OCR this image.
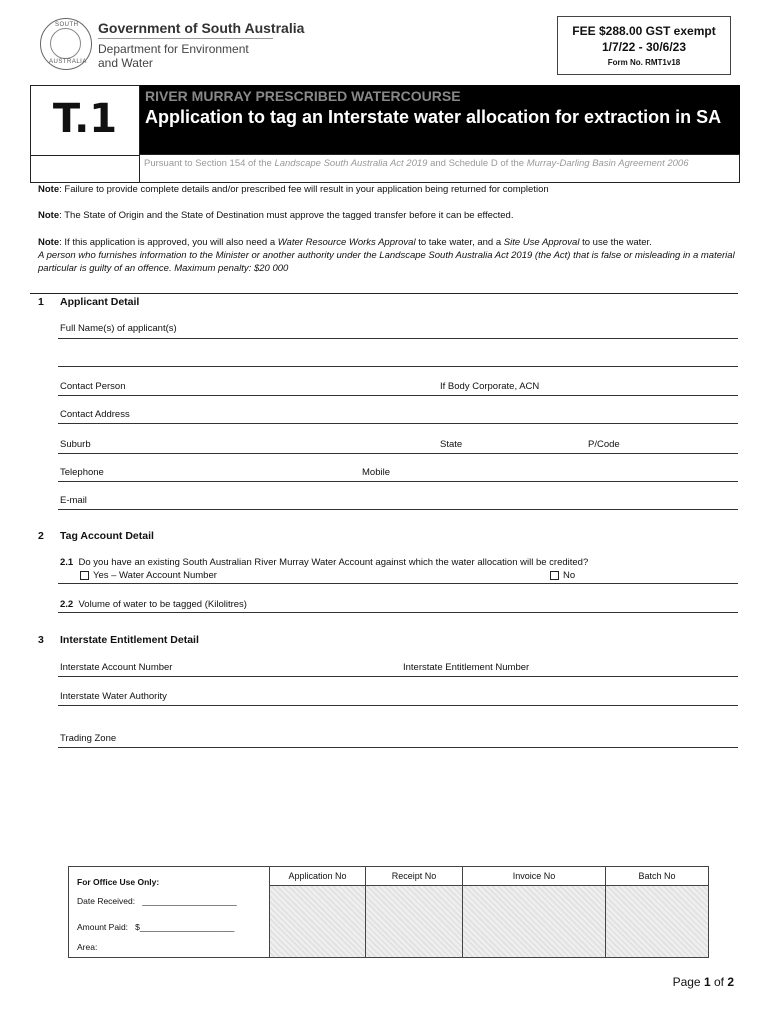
SOUTH
AUSTRALIA
Government of South Australia
Department for Environment
and Water
FEE $288.00 GST exempt
1/7/22 - 30/6/23
Form No. RMT1v18
T.1	RIVER MURRAY PRESCRIBED WATERCOURSE
Application to tag an Interstate water allocation for extraction in SA
Pursuant to Section 154 of the Landscape South Australia Act 2019 and Schedule D of the Murray-Darling Basin Agreement 2006
Note: Failure to provide complete details and/or prescribed fee will result in your application being returned for completion
Note: The State of Origin and the State of Destination must approve the tagged transfer before it can be effected.
Note: If this application is approved, you will also need a Water Resource Works Approval to take water, and a Site Use Approval to use the water.
A person who furnishes information to the Minister or another authority under the Landscape South Australia Act 2019 (the Act) that is false or misleading in a material particular is guilty of an offence. Maximum penalty: $20 000
1 Applicant Detail
Full Name(s) of applicant(s)
Contact Person	If Body Corporate, ACN
Contact Address
Suburb	State	P/Code
Telephone	Mobile
E-mail
2 Tag Account Detail
2.1 Do you have an existing South Australian River Murray Water Account against which the water allocation will be credited?
Yes – Water Account Number	No
2.2 Volume of water to be tagged (Kilolitres)
3 Interstate Entitlement Detail
Interstate Account Number	Interstate Entitlement Number
Interstate Water Authority
Trading Zone
For Office Use Only:
Date Received: ____________________
Amount Paid: $____________________
Area:
Application No	Receipt No	Invoice No	Batch No
Page 1 of 2
